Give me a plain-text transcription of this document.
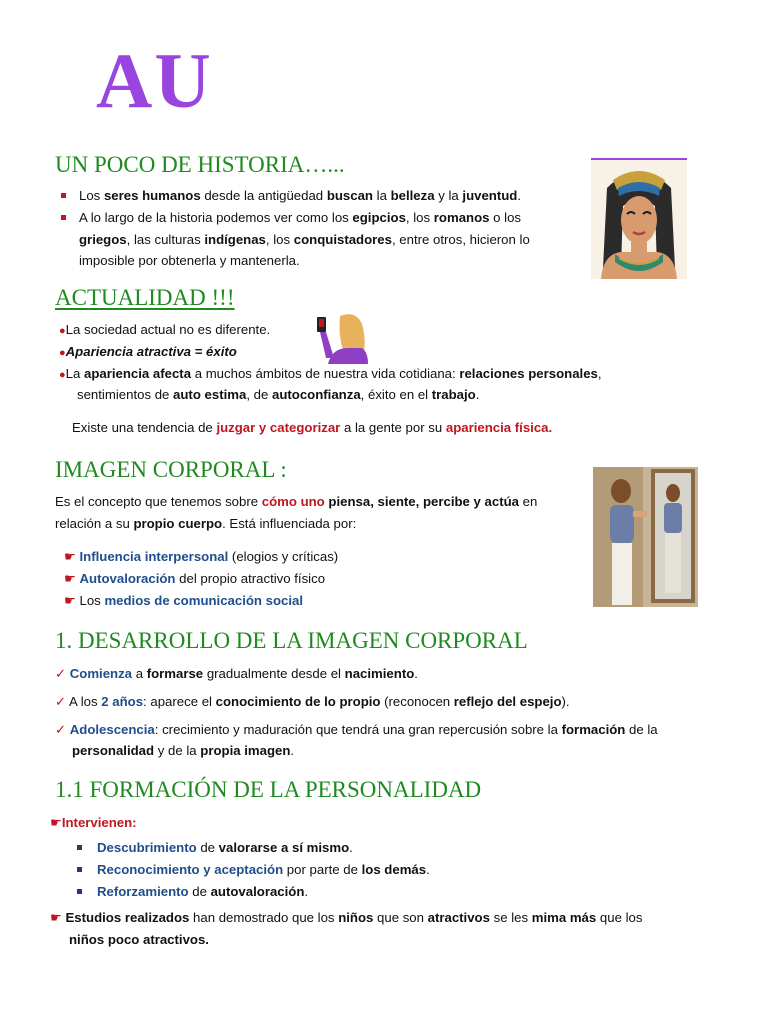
AU
UN POCO DE HISTORIA…...
Los seres humanos desde la antigüedad buscan la belleza y la juventud.
A lo largo de la historia podemos ver como los egipcios, los romanos o los
griegos, las culturas indígenas, los conquistadores, entre otros, hicieron lo
imposible por obtenerla y mantenerla.
ACTUALIDAD !!!
●La sociedad actual no es diferente.
●Apariencia atractiva = éxito
●La apariencia afecta a muchos ámbitos de nuestra vida cotidiana: relaciones personales,
sentimientos de auto estima, de autoconfianza, éxito en el trabajo.
Existe una tendencia de juzgar y categorizar a la gente por su apariencia física.
IMAGEN CORPORAL :
Es el concepto que tenemos sobre cómo uno piensa, siente, percibe y actúa en
relación a su propio cuerpo. Está influenciada por:
☛ Influencia interpersonal (elogios y críticas)
☛ Autovaloración del propio atractivo físico
☛ Los medios de comunicación social
1. DESARROLLO DE LA IMAGEN CORPORAL
✓ Comienza a formarse gradualmente desde el nacimiento.
✓ A los 2 años: aparece el conocimiento de lo propio (reconocen reflejo del espejo).
✓ Adolescencia: crecimiento y maduración que tendrá una gran repercusión sobre la formación de la
personalidad y de la propia imagen.
1.1 FORMACIÓN DE LA PERSONALIDAD
☛Intervienen:
Descubrimiento de valorarse a sí mismo.
Reconocimiento y aceptación por parte de los demás.
Reforzamiento de autovaloración.
☛ Estudios realizados han demostrado que los niños que son atractivos se les mima más que los
niños poco atractivos.
